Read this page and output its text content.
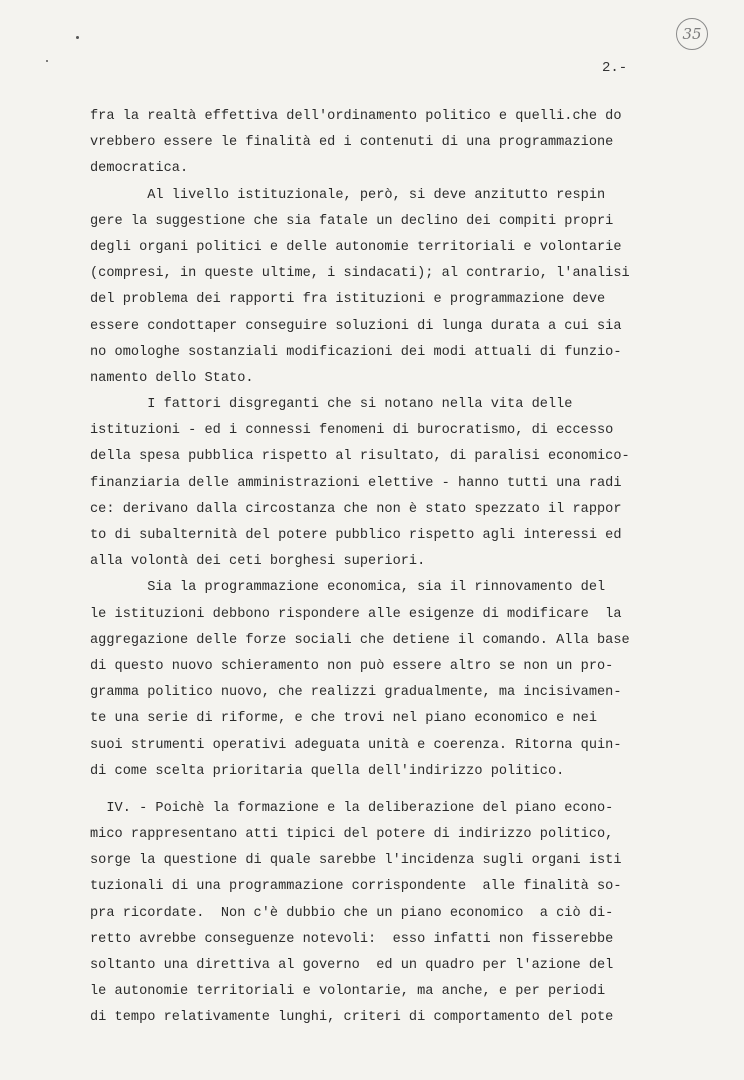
35
2.-
fra la realtà effettiva dell'ordinamento politico e quelli.che do
vrebbero essere le finalità ed i contenuti di una programmazione
democratica.
Al livello istituzionale, però, si deve anzitutto respin
gere la suggestione che sia fatale un declino dei compiti propri
degli organi politici e delle autonomie territoriali e volontarie
(compresi, in queste ultime, i sindacati); al contrario, l'analisi
del problema dei rapporti fra istituzioni e programmazione deve
essere condottaper conseguire soluzioni di lunga durata a cui sia
no omologhe sostanziali modificazioni dei modi attuali di funzio-
namento dello Stato.
I fattori disgreganti che si notano nella vita delle
istituzioni - ed i connessi fenomeni di burocratismo, di eccesso
della spesa pubblica rispetto al risultato, di paralisi economico-
finanziaria delle amministrazioni elettive - hanno tutti una radi
ce: derivano dalla circostanza che non è stato spezzato il rappor
to di subalternità del potere pubblico rispetto agli interessi ed
alla volontà dei ceti borghesi superiori.
Sia la programmazione economica, sia il rinnovamento del
le istituzioni debbono rispondere alle esigenze di modificare  la
aggregazione delle forze sociali che detiene il comando. Alla base
di questo nuovo schieramento non può essere altro se non un pro-
gramma politico nuovo, che realizzi gradualmente, ma incisivamen-
te una serie di riforme, e che trovi nel piano economico e nei
suoi strumenti operativi adeguata unità e coerenza. Ritorna quin-
di come scelta prioritaria quella dell'indirizzo politico.
IV. - Poichè la formazione e la deliberazione del piano econo-
mico rappresentano atti tipici del potere di indirizzo politico,
sorge la questione di quale sarebbe l'incidenza sugli organi isti
tuzionali di una programmazione corrispondente  alle finalità so-
pra ricordate.  Non c'è dubbio che un piano economico  a ciò di-
retto avrebbe conseguenze notevoli:  esso infatti non fisserebbe
soltanto una direttiva al governo  ed un quadro per l'azione del
le autonomie territoriali e volontarie, ma anche, e per periodi
di tempo relativamente lunghi, criteri di comportamento del pote
